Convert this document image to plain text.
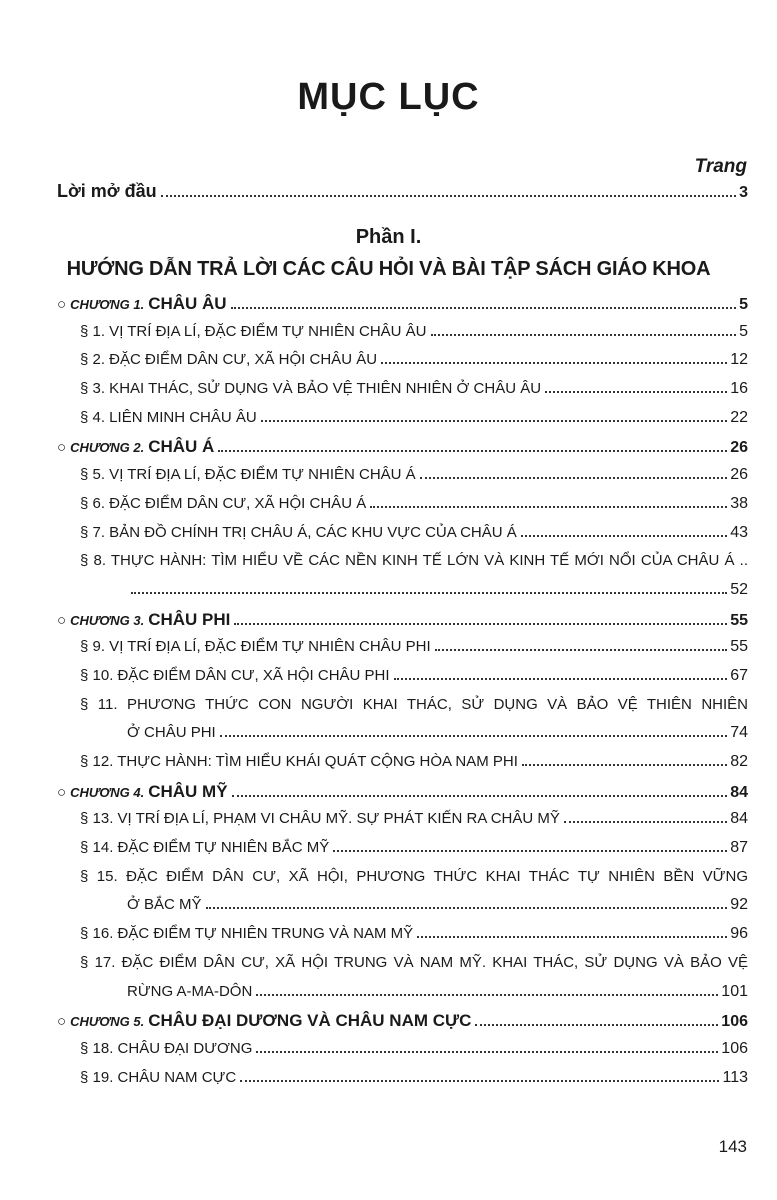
MỤC LỤC
Trang
Lời mở đầu	3
Phần I.
HƯỚNG DẪN TRẢ LỜI CÁC CÂU HỎI VÀ BÀI TẬP SÁCH GIÁO KHOA
○ CHƯƠNG 1. CHÂU ÂU	5
§ 1. VỊ TRÍ ĐỊA LÍ, ĐẶC ĐIỂM TỰ NHIÊN CHÂU ÂU	5
§ 2. ĐẶC ĐIỂM DÂN CƯ, XÃ HỘI CHÂU ÂU	12
§ 3. KHAI THÁC, SỬ DỤNG VÀ BẢO VỆ THIÊN NHIÊN Ở CHÂU ÂU	16
§ 4. LIÊN MINH CHÂU ÂU	22
○ CHƯƠNG 2. CHÂU Á	26
§ 5. VỊ TRÍ ĐỊA LÍ, ĐẶC ĐIỂM TỰ NHIÊN CHÂU Á	26
§ 6. ĐẶC ĐIỂM DÂN CƯ, XÃ HỘI CHÂU Á	38
§ 7. BẢN ĐỒ CHÍNH TRỊ CHÂU Á, CÁC KHU VỰC CỦA CHÂU Á	43
§ 8. THỰC HÀNH: TÌM HIỂU VỀ CÁC NỀN KINH TẾ LỚN VÀ KINH TẾ MỚI NỔI CỦA CHÂU Á ..
52
○ CHƯƠNG 3. CHÂU PHI	55
§ 9. VỊ TRÍ ĐỊA LÍ, ĐẶC ĐIỂM TỰ NHIÊN CHÂU PHI	55
§ 10. ĐẶC ĐIỂM DÂN CƯ, XÃ HỘI CHÂU PHI	67
§ 11. PHƯƠNG THỨC CON NGƯỜI KHAI THÁC, SỬ DỤNG VÀ BẢO VỆ THIÊN NHIÊN
Ở CHÂU PHI	74
§ 12. THỰC HÀNH: TÌM HIỂU KHÁI QUÁT CỘNG HÒA NAM PHI	82
○ CHƯƠNG 4. CHÂU MỸ	84
§ 13. VỊ TRÍ ĐỊA LÍ, PHẠM VI CHÂU MỸ. SỰ PHÁT KIẾN RA CHÂU MỸ	84
§ 14. ĐẶC ĐIỂM TỰ NHIÊN BẮC MỸ	87
§ 15. ĐẶC ĐIỂM DÂN CƯ, XÃ HỘI, PHƯƠNG THỨC KHAI THÁC TỰ NHIÊN BỀN VỮNG
Ở BẮC MỸ	92
§ 16. ĐẶC ĐIỂM TỰ NHIÊN TRUNG VÀ NAM MỸ	96
§ 17. ĐẶC ĐIỂM DÂN CƯ, XÃ HỘI TRUNG VÀ NAM MỸ. KHAI THÁC, SỬ DỤNG VÀ BẢO VỆ
RỪNG A-MA-DÔN	101
○ CHƯƠNG 5. CHÂU ĐẠI DƯƠNG VÀ CHÂU NAM CỰC	106
§ 18. CHÂU ĐẠI DƯƠNG	106
§ 19. CHÂU NAM CỰC	113
143
